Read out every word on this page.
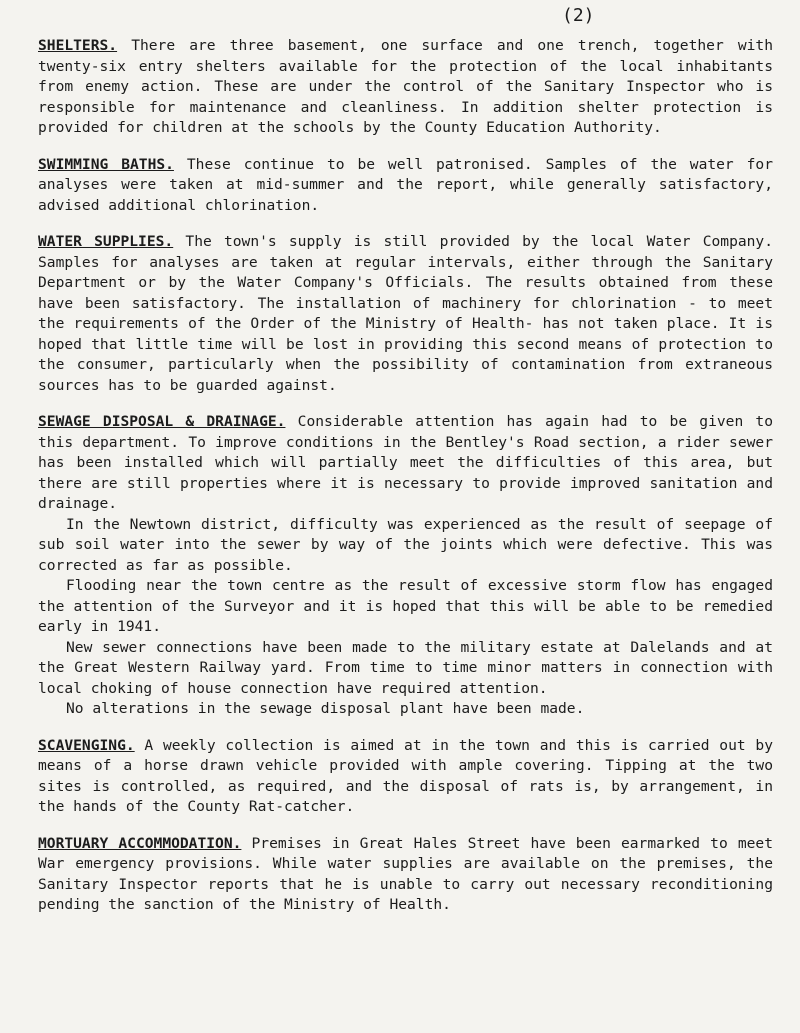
(2)

SHELTERS. There are three basement, one surface and one trench, together with twenty-six entry shelters available for the protection of the local inhabitants from enemy action. These are under the control of the Sanitary Inspector who is responsible for maintenance and cleanliness. In addition shelter protection is provided for children at the schools by the County Education Authority.

SWIMMING BATHS. These continue to be well patronised. Samples of the water for analyses were taken at mid-summer and the report, while generally satisfactory, advised additional chlorination.

WATER SUPPLIES. The town's supply is still provided by the local Water Company. Samples for analyses are taken at regular intervals, either through the Sanitary Department or by the Water Company's Officials. The results obtained from these have been satisfactory. The installation of machinery for chlorination - to meet the requirements of the Order of the Ministry of Health- has not taken place. It is hoped that little time will be lost in providing this second means of protection to the consumer, particularly when the possibility of contamination from extraneous sources has to be guarded against.

SEWAGE DISPOSAL & DRAINAGE. Considerable attention has again had to be given to this department. To improve conditions in the Bentley's Road section, a rider sewer has been installed which will partially meet the difficulties of this area, but there are still properties where it is necessary to provide improved sanitation and drainage.

In the Newtown district, difficulty was experienced as the result of seepage of sub soil water into the sewer by way of the joints which were defective. This was corrected as far as possible.

Flooding near the town centre as the result of excessive storm flow has engaged the attention of the Surveyor and it is hoped that this will be able to be remedied early in 1941.

New sewer connections have been made to the military estate at Dalelands and at the Great Western Railway yard. From time to time minor matters in connection with local choking of house connection have required attention.

No alterations in the sewage disposal plant have been made.

SCAVENGING. A weekly collection is aimed at in the town and this is carried out by means of a horse drawn vehicle provided with ample covering. Tipping at the two sites is controlled, as required, and the disposal of rats is, by arrangement, in the hands of the County Rat-catcher.

MORTUARY ACCOMMODATION. Premises in Great Hales Street have been earmarked to meet War emergency provisions. While water supplies are available on the premises, the Sanitary Inspector reports that he is unable to carry out necessary reconditioning pending the sanction of the Ministry of Health.
